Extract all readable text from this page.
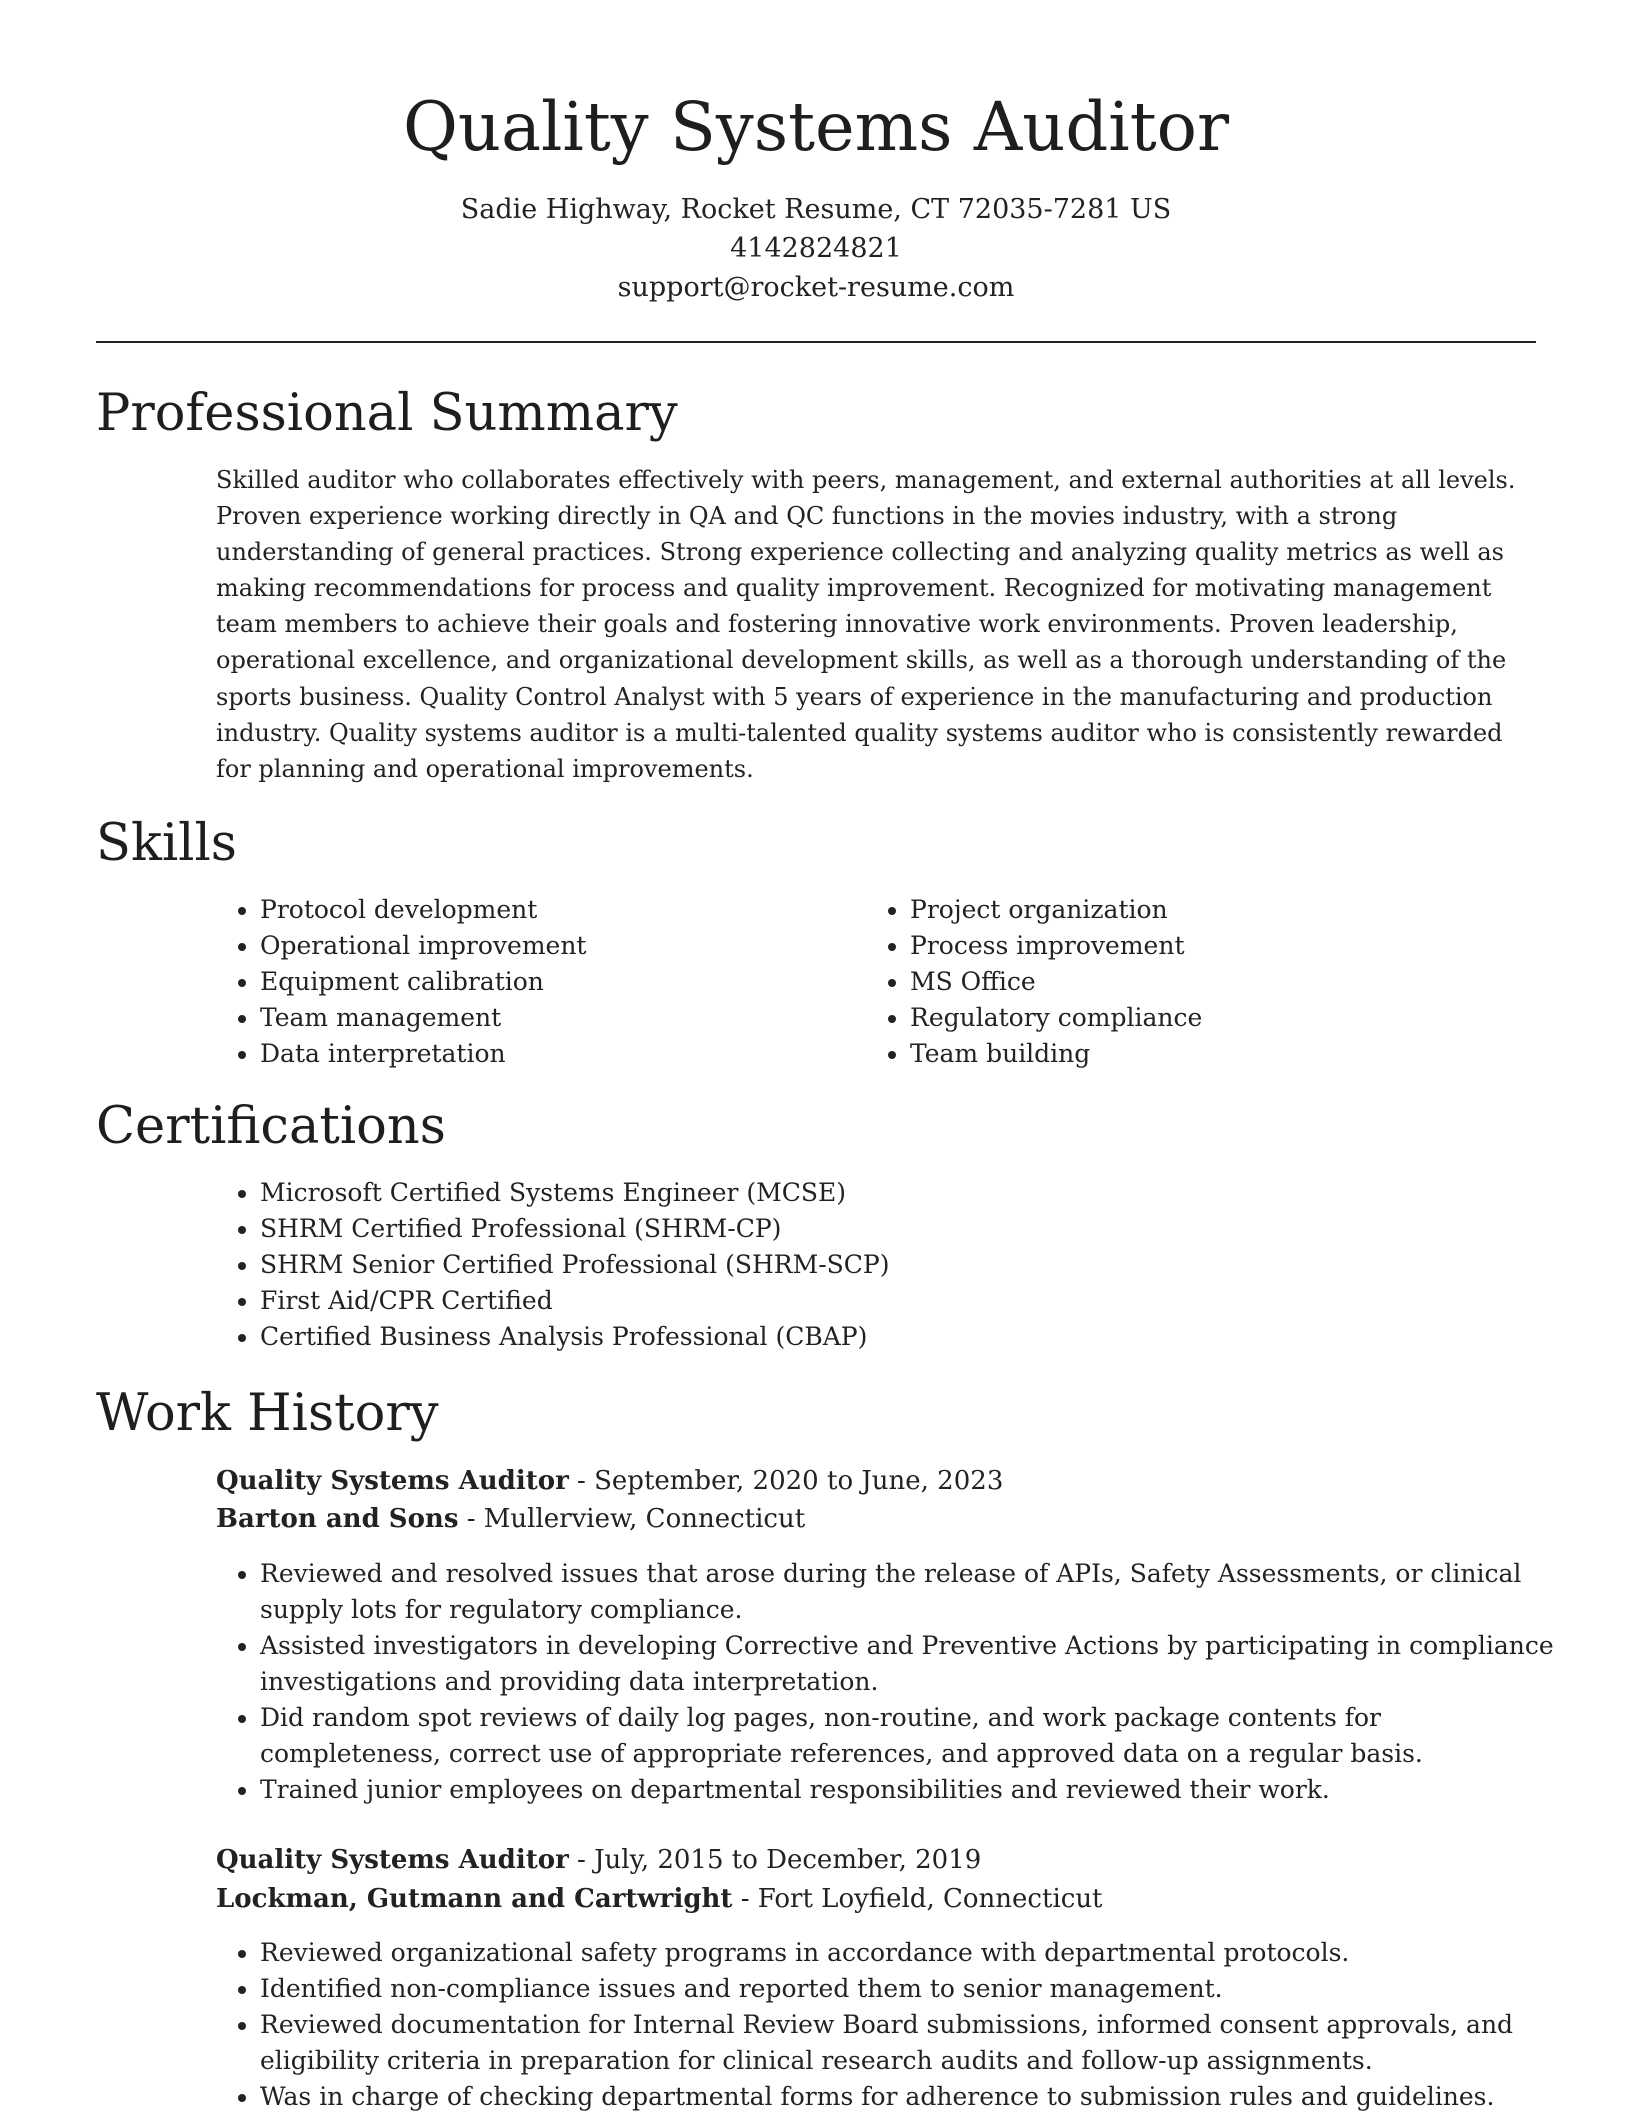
Quality Systems Auditor
Sadie Highway, Rocket Resume, CT 72035-7281 US
4142824821
support@rocket-resume.com
Professional Summary

Skilled auditor who collaborates effectively with peers, management, and external authorities at all levels. Proven experience working directly in QA and QC functions in the movies industry, with a strong understanding of general practices. Strong experience collecting and analyzing quality metrics as well as making recommendations for process and quality improvement. Recognized for motivating management team members to achieve their goals and fostering innovative work environments. Proven leadership, operational excellence, and organizational development skills, as well as a thorough understanding of the sports business. Quality Control Analyst with 5 years of experience in the manufacturing and production industry. Quality systems auditor is a multi-talented quality systems auditor who is consistently rewarded for planning and operational improvements.

Skills
• Protocol development
• Operational improvement
• Equipment calibration
• Team management
• Data interpretation
• Project organization
• Process improvement
• MS Office
• Regulatory compliance
• Team building
Certifications
• Microsoft Certified Systems Engineer (MCSE)
• SHRM Certified Professional (SHRM-CP)
• SHRM Senior Certified Professional (SHRM-SCP)
• First Aid/CPR Certified
• Certified Business Analysis Professional (CBAP)
Work History
Quality Systems Auditor - September, 2020 to June, 2023
Barton and Sons - Mullerview, Connecticut
• Reviewed and resolved issues that arose during the release of APIs, Safety Assessments, or clinical supply lots for regulatory compliance.
• Assisted investigators in developing Corrective and Preventive Actions by participating in compliance investigations and providing data interpretation.
• Did random spot reviews of daily log pages, non-routine, and work package contents for completeness, correct use of appropriate references, and approved data on a regular basis.
• Trained junior employees on departmental responsibilities and reviewed their work.
Quality Systems Auditor - July, 2015 to December, 2019
Lockman, Gutmann and Cartwright - Fort Loyfield, Connecticut
• Reviewed organizational safety programs in accordance with departmental protocols.
• Identified non-compliance issues and reported them to senior management.
• Reviewed documentation for Internal Review Board submissions, informed consent approvals, and eligibility criteria in preparation for clinical research audits and follow-up assignments.
• Was in charge of checking departmental forms for adherence to submission rules and guidelines.
